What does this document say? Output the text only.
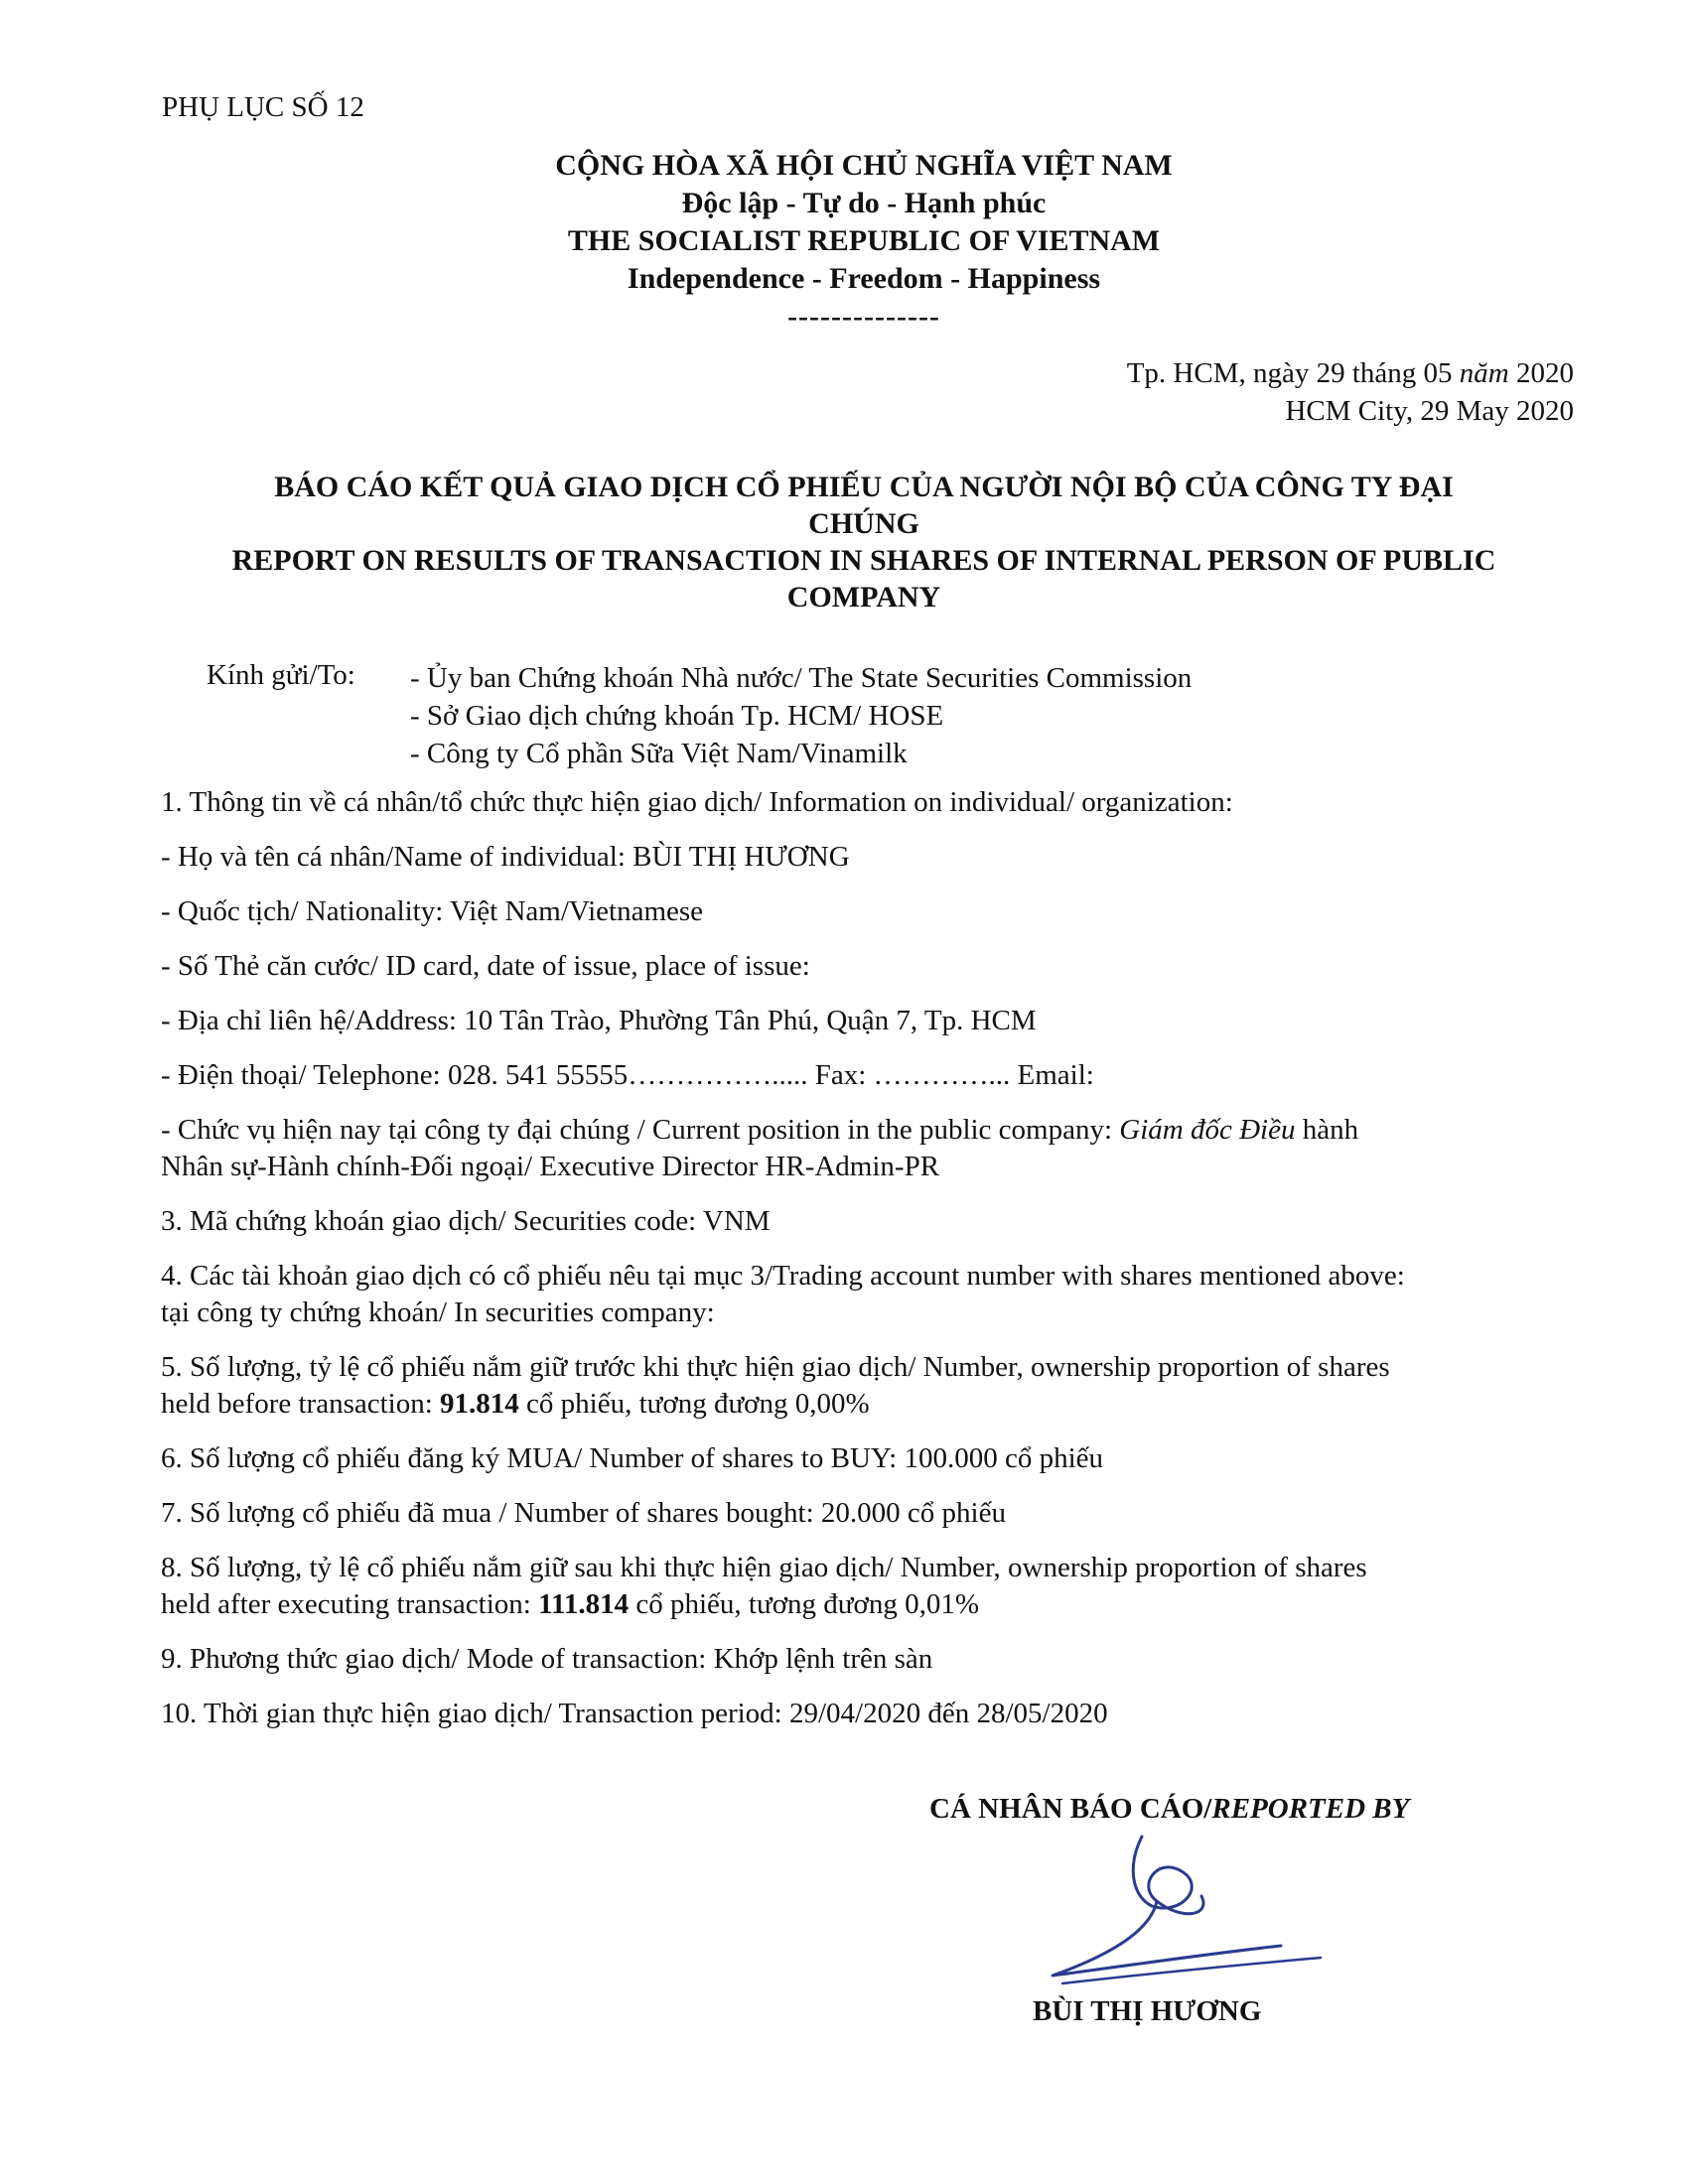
PHỤ LỤC SỐ 12
CỘNG HÒA XÃ HỘI CHỦ NGHĨA VIỆT NAM
Độc lập - Tự do - Hạnh phúc
THE SOCIALIST REPUBLIC OF VIETNAM
Independence - Freedom - Happiness
--------------
Tp. HCM, ngày 29 tháng 05 năm 2020
HCM City, 29 May 2020
BÁO CÁO KẾT QUẢ GIAO DỊCH CỔ PHIẾU CỦA NGƯỜI NỘI BỘ CỦA CÔNG TY ĐẠI
CHÚNG
REPORT ON RESULTS OF TRANSACTION IN SHARES OF INTERNAL PERSON OF PUBLIC
COMPANY
Kính gửi/To: - Ủy ban Chứng khoán Nhà nước/ The State Securities Commission
- Sở Giao dịch chứng khoán Tp. HCM/ HOSE
- Công ty Cổ phần Sữa Việt Nam/Vinamilk
1. Thông tin về cá nhân/tổ chức thực hiện giao dịch/ Information on individual/ organization:
- Họ và tên cá nhân/Name of individual: BÙI THỊ HƯƠNG
- Quốc tịch/ Nationality: Việt Nam/Vietnamese
- Số Thẻ căn cước/ ID card, date of issue, place of issue:
- Địa chỉ liên hệ/Address: 10 Tân Trào, Phường Tân Phú, Quận 7, Tp. HCM
- Điện thoại/ Telephone: 028. 541 55555……………..... Fax: …………... Email:
- Chức vụ hiện nay tại công ty đại chúng / Current position in the public company: Giám đốc Điều hành
Nhân sự-Hành chính-Đối ngoại/ Executive Director HR-Admin-PR
3. Mã chứng khoán giao dịch/ Securities code: VNM
4. Các tài khoản giao dịch có cổ phiếu nêu tại mục 3/Trading account number with shares mentioned above:
tại công ty chứng khoán/ In securities company:
5. Số lượng, tỷ lệ cổ phiếu nắm giữ trước khi thực hiện giao dịch/ Number, ownership proportion of shares
held before transaction: 91.814 cổ phiếu, tương đương 0,00%
6. Số lượng cổ phiếu đăng ký MUA/ Number of shares to BUY: 100.000 cổ phiếu
7. Số lượng cổ phiếu đã mua / Number of shares bought: 20.000 cổ phiếu
8. Số lượng, tỷ lệ cổ phiếu nắm giữ sau khi thực hiện giao dịch/ Number, ownership proportion of shares
held after executing transaction: 111.814 cổ phiếu, tương đương 0,01%
9. Phương thức giao dịch/ Mode of transaction: Khớp lệnh trên sàn
10. Thời gian thực hiện giao dịch/ Transaction period: 29/04/2020 đến 28/05/2020
CÁ NHÂN BÁO CÁO/REPORTED BY
BÙI THỊ HƯƠNG
